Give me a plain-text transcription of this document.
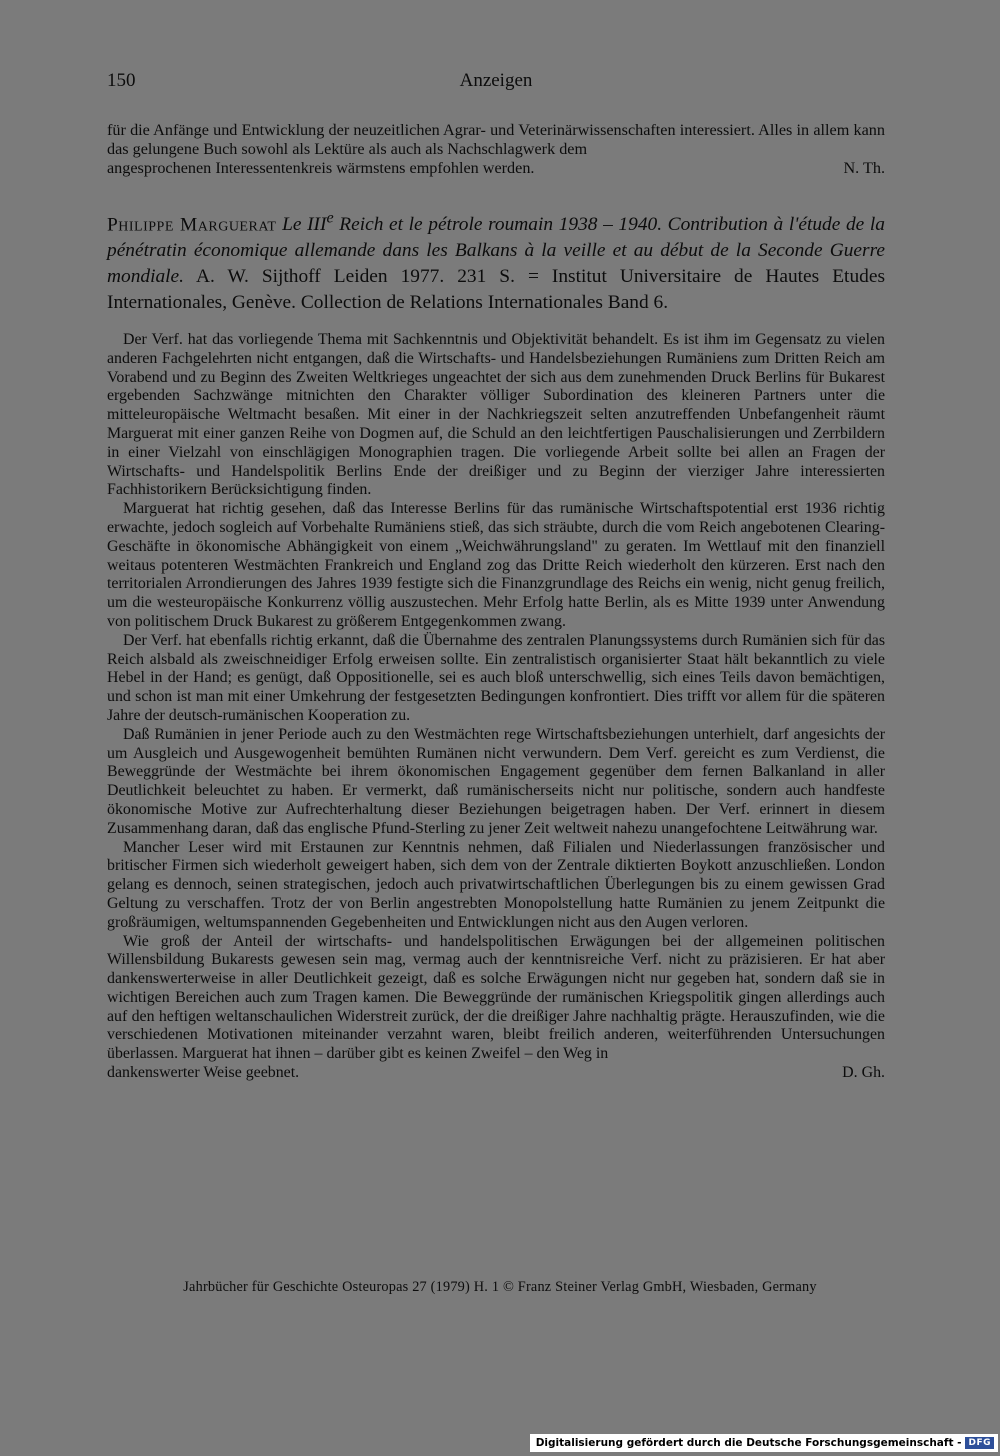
150	Anzeigen

für die Anfänge und Entwicklung der neuzeitlichen Agrar- und Veterinärwissenschaften interessiert. Alles in allem kann das gelungene Buch sowohl als Lektüre als auch als Nachschlagwerk dem

angesprochenen Interessentenkreis wärmstens empfohlen werden.	N. Th.

Philippe Marguerat Le IIIe Reich et le pétrole roumain 1938 – 1940. Contribution à l'étude de la pénétratin économique allemande dans les Balkans à la veille et au début de la Seconde Guerre mondiale. A. W. Sijthoff Leiden 1977. 231 S. = Institut Universitaire de Hautes Etudes Internationales, Genève. Collection de Relations Internationales Band 6.

Der Verf. hat das vorliegende Thema mit Sachkenntnis und Objektivität behandelt. Es ist ihm im Gegensatz zu vielen anderen Fachgelehrten nicht entgangen, daß die Wirtschafts- und Handelsbeziehungen Rumäniens zum Dritten Reich am Vorabend und zu Beginn des Zweiten Weltkrieges ungeachtet der sich aus dem zunehmenden Druck Berlins für Bukarest ergebenden Sachzwänge mitnichten den Charakter völliger Subordination des kleineren Partners unter die mitteleuropäische Weltmacht besaßen. Mit einer in der Nachkriegszeit selten anzutreffenden Unbefangenheit räumt Marguerat mit einer ganzen Reihe von Dogmen auf, die Schuld an den leichtfertigen Pauschalisierungen und Zerrbildern in einer Vielzahl von einschlägigen Monographien tragen. Die vorliegende Arbeit sollte bei allen an Fragen der Wirtschafts- und Handelspolitik Berlins Ende der dreißiger und zu Beginn der vierziger Jahre interessierten Fachhistorikern Berücksichtigung finden.

Marguerat hat richtig gesehen, daß das Interesse Berlins für das rumänische Wirtschaftspotential erst 1936 richtig erwachte, jedoch sogleich auf Vorbehalte Rumäniens stieß, das sich sträubte, durch die vom Reich angebotenen Clearing-Geschäfte in ökonomische Abhängigkeit von einem „Weichwährungsland" zu geraten. Im Wettlauf mit den finanziell weitaus potenteren Westmächten Frankreich und England zog das Dritte Reich wiederholt den kürzeren. Erst nach den territorialen Arrondierungen des Jahres 1939 festigte sich die Finanzgrundlage des Reichs ein wenig, nicht genug freilich, um die westeuropäische Konkurrenz völlig auszustechen. Mehr Erfolg hatte Berlin, als es Mitte 1939 unter Anwendung von politischem Druck Bukarest zu größerem Entgegenkommen zwang.

Der Verf. hat ebenfalls richtig erkannt, daß die Übernahme des zentralen Planungssystems durch Rumänien sich für das Reich alsbald als zweischneidiger Erfolg erweisen sollte. Ein zentralistisch organisierter Staat hält bekanntlich zu viele Hebel in der Hand; es genügt, daß Oppositionelle, sei es auch bloß unterschwellig, sich eines Teils davon bemächtigen, und schon ist man mit einer Umkehrung der festgesetzten Bedingungen konfrontiert. Dies trifft vor allem für die späteren Jahre der deutsch-rumänischen Kooperation zu.

Daß Rumänien in jener Periode auch zu den Westmächten rege Wirtschaftsbeziehungen unterhielt, darf angesichts der um Ausgleich und Ausgewogenheit bemühten Rumänen nicht verwundern. Dem Verf. gereicht es zum Verdienst, die Beweggründe der Westmächte bei ihrem ökonomischen Engagement gegenüber dem fernen Balkanland in aller Deutlichkeit beleuchtet zu haben. Er vermerkt, daß rumänischerseits nicht nur politische, sondern auch handfeste ökonomische Motive zur Aufrechterhaltung dieser Beziehungen beigetragen haben. Der Verf. erinnert in diesem Zusammenhang daran, daß das englische Pfund-Sterling zu jener Zeit weltweit nahezu unangefochtene Leitwährung war.

Mancher Leser wird mit Erstaunen zur Kenntnis nehmen, daß Filialen und Niederlassungen französischer und britischer Firmen sich wiederholt geweigert haben, sich dem von der Zentrale diktierten Boykott anzuschließen. London gelang es dennoch, seinen strategischen, jedoch auch privatwirtschaftlichen Überlegungen bis zu einem gewissen Grad Geltung zu verschaffen. Trotz der von Berlin angestrebten Monopolstellung hatte Rumänien zu jenem Zeitpunkt die großräumigen, weltumspannenden Gegebenheiten und Entwicklungen nicht aus den Augen verloren.

Wie groß der Anteil der wirtschafts- und handelspolitischen Erwägungen bei der allgemeinen politischen Willensbildung Bukarests gewesen sein mag, vermag auch der kenntnisreiche Verf. nicht zu präzisieren. Er hat aber dankenswerterweise in aller Deutlichkeit gezeigt, daß es solche Erwägungen nicht nur gegeben hat, sondern daß sie in wichtigen Bereichen auch zum Tragen kamen. Die Beweggründe der rumänischen Kriegspolitik gingen allerdings auch auf den heftigen weltanschaulichen Widerstreit zurück, der die dreißiger Jahre nachhaltig prägte. Herauszufinden, wie die verschiedenen Motivationen miteinander verzahnt waren, bleibt freilich anderen, weiterführenden Untersuchungen überlassen. Marguerat hat ihnen – darüber gibt es keinen Zweifel – den Weg in

dankenswerter Weise geebnet.	D. Gh.

Jahrbücher für Geschichte Osteuropas 27 (1979) H. 1 © Franz Steiner Verlag GmbH, Wiesbaden, Germany
Digitalisierung gefördert durch die Deutsche Forschungsgemeinschaft - DFG
